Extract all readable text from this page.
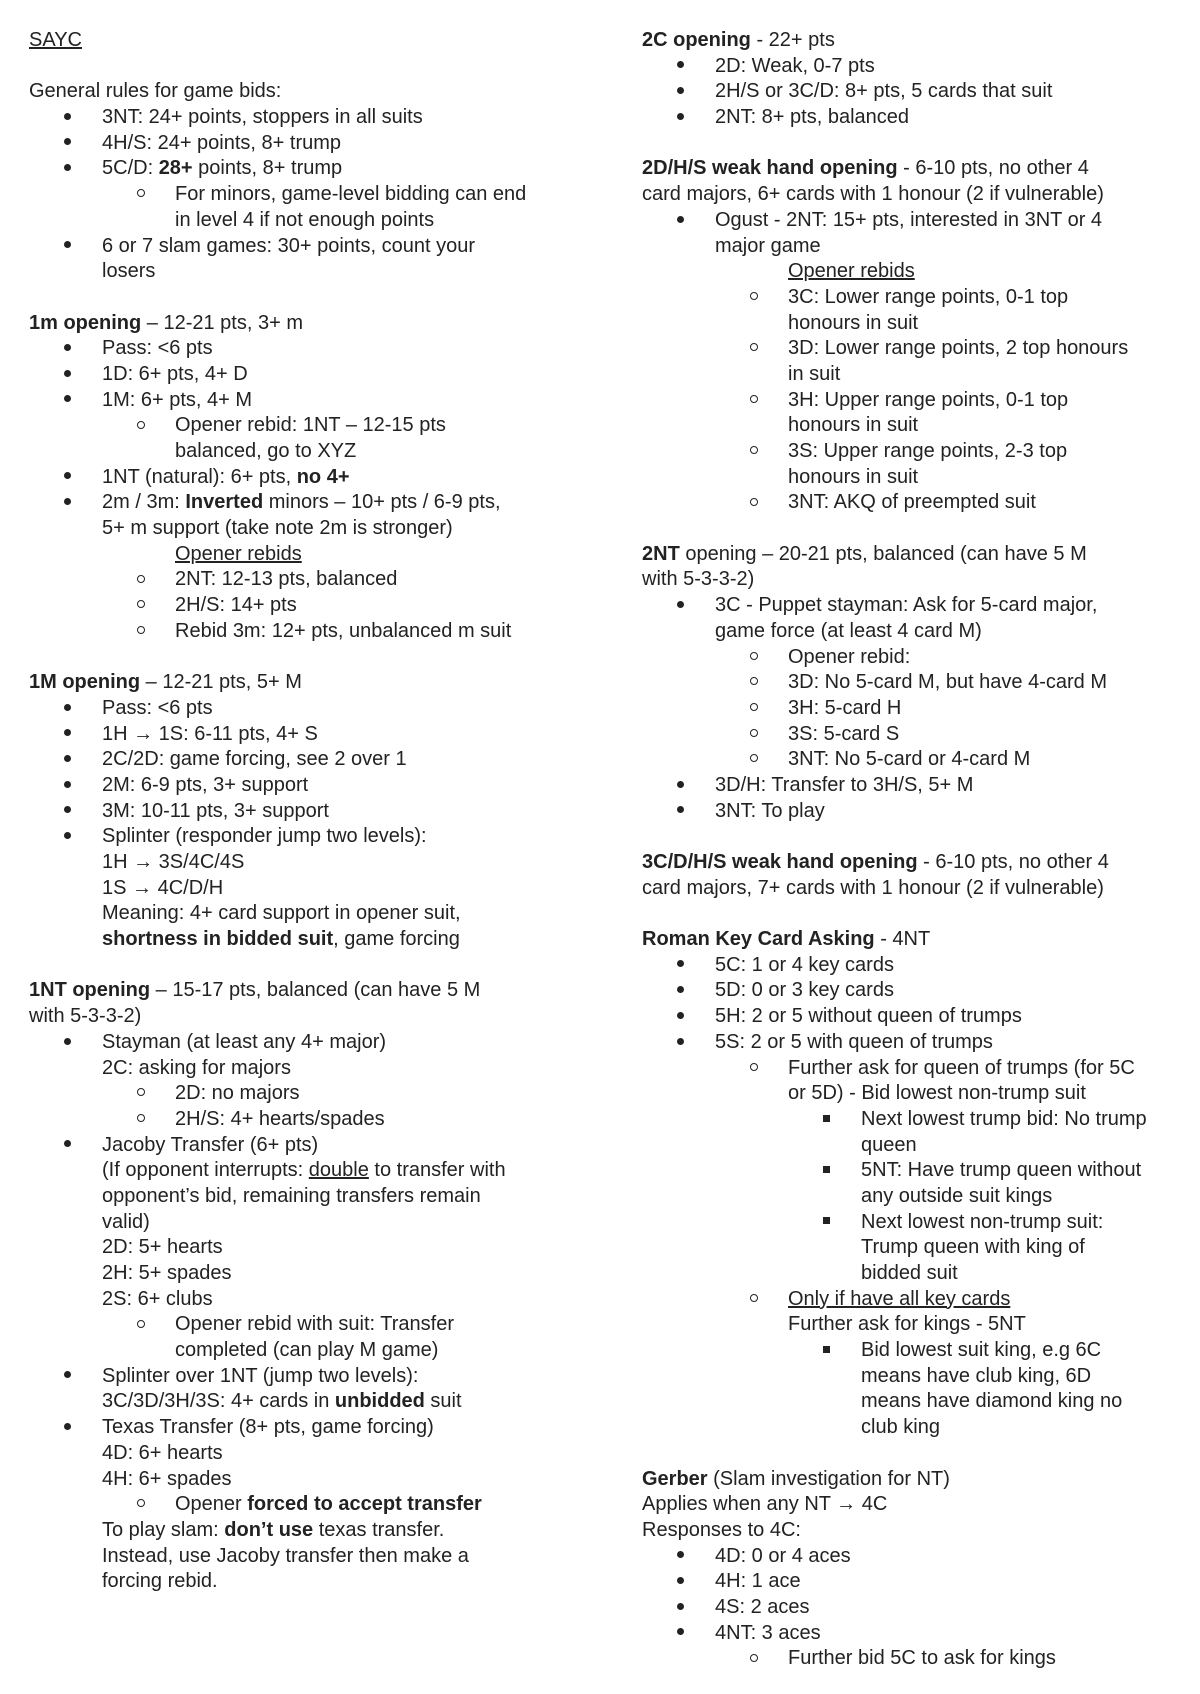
SAYC
General rules for game bids:
3NT: 24+ points, stoppers in all suits
4H/S: 24+ points, 8+ trump
5C/D: 28+ points, 8+ trump
For minors, game-level bidding can end
in level 4 if not enough points
6 or 7 slam games: 30+ points, count your
losers
1m opening – 12-21 pts, 3+ m
Pass: <6 pts
1D: 6+ pts, 4+ D
1M: 6+ pts, 4+ M
Opener rebid: 1NT – 12-15 pts
balanced, go to XYZ
1NT (natural): 6+ pts, no 4+
2m / 3m: Inverted minors – 10+ pts / 6-9 pts,
5+ m support (take note 2m is stronger)
Opener rebids
2NT: 12-13 pts, balanced
2H/S: 14+ pts
Rebid 3m: 12+ pts, unbalanced m suit
1M opening – 12-21 pts, 5+ M
Pass: <6 pts
1H → 1S: 6-11 pts, 4+ S
2C/2D: game forcing, see 2 over 1
2M: 6-9 pts, 3+ support
3M: 10-11 pts, 3+ support
Splinter (responder jump two levels):
1H → 3S/4C/4S
1S → 4C/D/H
Meaning: 4+ card support in opener suit,
shortness in bidded suit, game forcing
1NT opening – 15-17 pts, balanced (can have 5 M
with 5-3-3-2)
Stayman (at least any 4+ major)
2C: asking for majors
2D: no majors
2H/S: 4+ hearts/spades
Jacoby Transfer (6+ pts)
(If opponent interrupts: double to transfer with
opponent’s bid, remaining transfers remain
valid)
2D: 5+ hearts
2H: 5+ spades
2S: 6+ clubs
Opener rebid with suit: Transfer
completed (can play M game)
Splinter over 1NT (jump two levels):
3C/3D/3H/3S: 4+ cards in unbidded suit
Texas Transfer (8+ pts, game forcing)
4D: 6+ hearts
4H: 6+ spades
Opener forced to accept transfer
To play slam: don’t use texas transfer.
Instead, use Jacoby transfer then make a
forcing rebid.
2C opening - 22+ pts
2D: Weak, 0-7 pts
2H/S or 3C/D: 8+ pts, 5 cards that suit
2NT: 8+ pts, balanced
2D/H/S weak hand opening - 6-10 pts, no other 4
card majors, 6+ cards with 1 honour (2 if vulnerable)
Ogust - 2NT: 15+ pts, interested in 3NT or 4
major game
Opener rebids
3C: Lower range points, 0-1 top
honours in suit
3D: Lower range points, 2 top honours
in suit
3H: Upper range points, 0-1 top
honours in suit
3S: Upper range points, 2-3 top
honours in suit
3NT: AKQ of preempted suit
2NT opening – 20-21 pts, balanced (can have 5 M
with 5-3-3-2)
3C - Puppet stayman: Ask for 5-card major,
game force (at least 4 card M)
Opener rebid:
3D: No 5-card M, but have 4-card M
3H: 5-card H
3S: 5-card S
3NT: No 5-card or 4-card M
3D/H: Transfer to 3H/S, 5+ M
3NT: To play
3C/D/H/S weak hand opening - 6-10 pts, no other 4
card majors, 7+ cards with 1 honour (2 if vulnerable)
Roman Key Card Asking - 4NT
5C: 1 or 4 key cards
5D: 0 or 3 key cards
5H: 2 or 5 without queen of trumps
5S: 2 or 5 with queen of trumps
Further ask for queen of trumps (for 5C
or 5D) - Bid lowest non-trump suit
Next lowest trump bid: No trump
queen
5NT: Have trump queen without
any outside suit kings
Next lowest non-trump suit:
Trump queen with king of
bidded suit
Only if have all key cards
Further ask for kings - 5NT
Bid lowest suit king, e.g 6C
means have club king, 6D
means have diamond king no
club king
Gerber (Slam investigation for NT)
Applies when any NT → 4C
Responses to 4C:
4D: 0 or 4 aces
4H: 1 ace
4S: 2 aces
4NT: 3 aces
Further bid 5C to ask for kings
